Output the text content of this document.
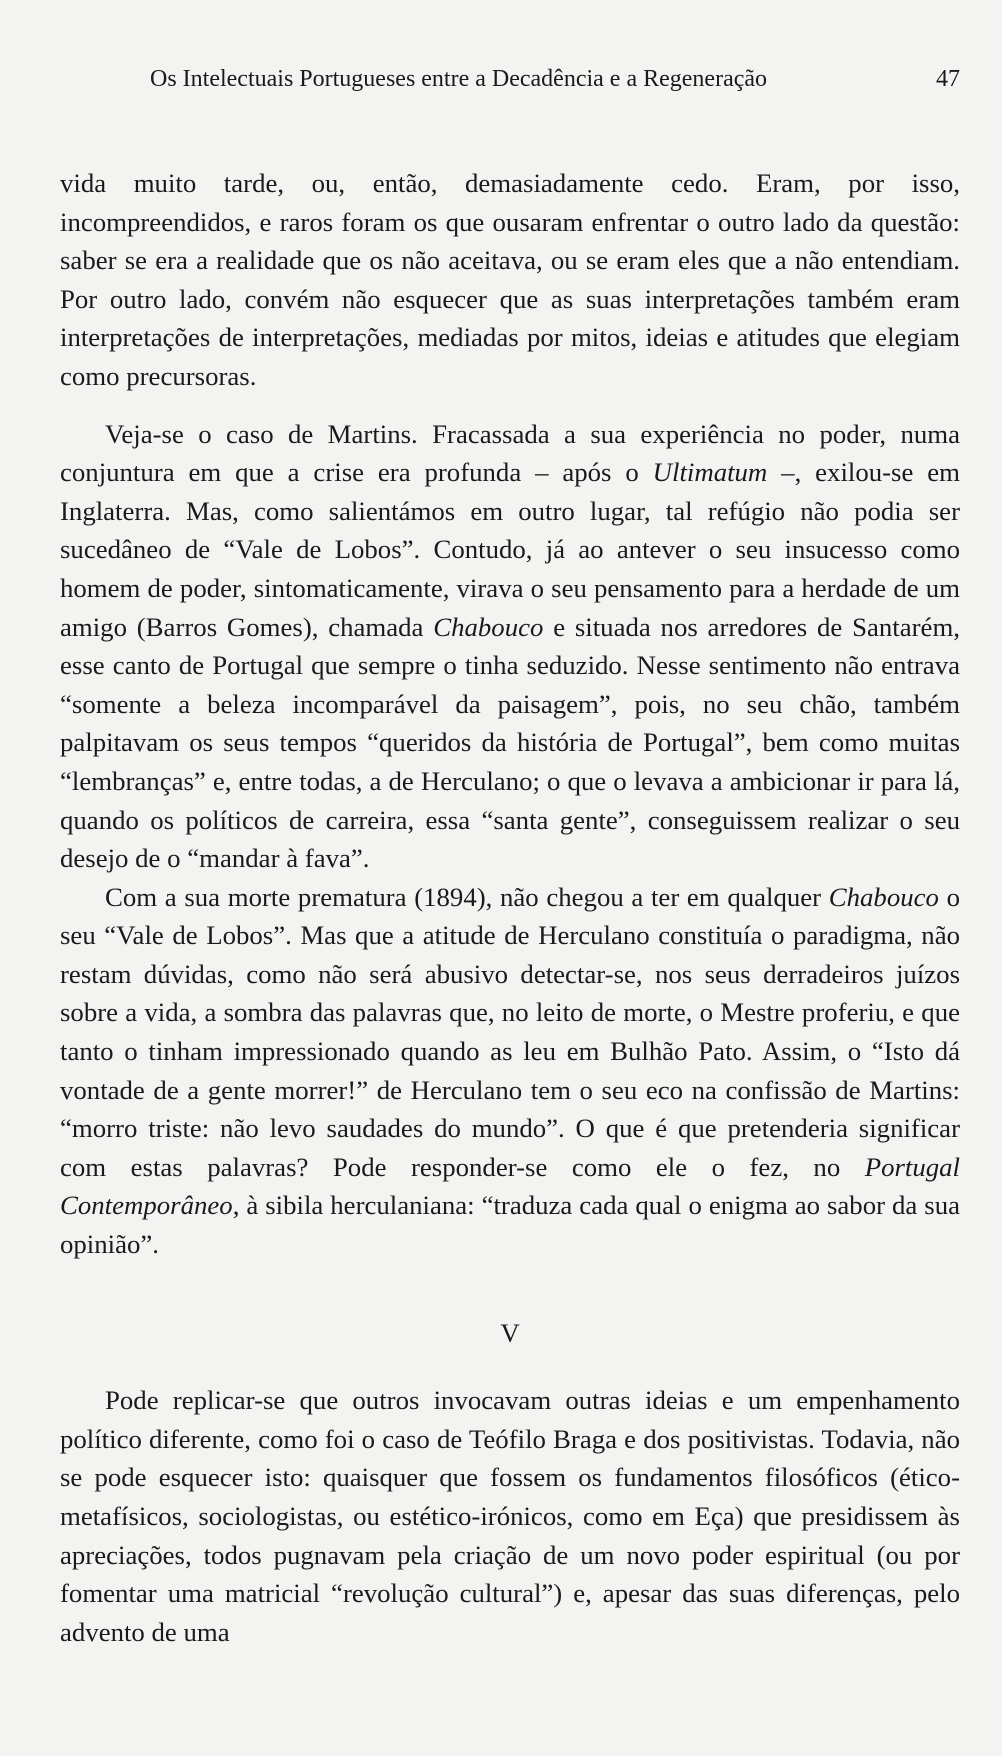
Os Intelectuais Portugueses entre a Decadência e a Regeneração	47

vida muito tarde, ou, então, demasiadamente cedo. Eram, por isso, incompreendidos, e raros foram os que ousaram enfrentar o outro lado da questão: saber se era a realidade que os não aceitava, ou se eram eles que a não entendiam. Por outro lado, convém não esquecer que as suas interpretações também eram interpretações de interpretações, mediadas por mitos, ideias e atitudes que elegiam como precursoras.

Veja-se o caso de Martins. Fracassada a sua experiência no poder, numa conjuntura em que a crise era profunda – após o Ultimatum –, exilou-se em Inglaterra. Mas, como salientámos em outro lugar, tal refúgio não podia ser sucedâneo de “Vale de Lobos”. Contudo, já ao antever o seu insucesso como homem de poder, sintomaticamente, virava o seu pensamento para a herdade de um amigo (Barros Gomes), chamada Chabouco e situada nos arredores de Santarém, esse canto de Portugal que sempre o tinha seduzido. Nesse sentimento não entrava “somente a beleza incomparável da paisagem”, pois, no seu chão, também palpitavam os seus tempos “queridos da história de Portugal”, bem como muitas “lembranças” e, entre todas, a de Herculano; o que o levava a ambicionar ir para lá, quando os políticos de carreira, essa “santa gente”, conseguissem realizar o seu desejo de o “mandar à fava”.

Com a sua morte prematura (1894), não chegou a ter em qualquer Chabouco o seu “Vale de Lobos”. Mas que a atitude de Herculano constituía o paradigma, não restam dúvidas, como não será abusivo detectar-se, nos seus derradeiros juízos sobre a vida, a sombra das palavras que, no leito de morte, o Mestre proferiu, e que tanto o tinham impressionado quando as leu em Bulhão Pato. Assim, o “Isto dá vontade de a gente morrer!” de Herculano tem o seu eco na confissão de Martins: “morro triste: não levo saudades do mundo”. O que é que pretenderia significar com estas palavras? Pode responder-se como ele o fez, no Portugal Contemporâneo, à sibila herculaniana: “traduza cada qual o enigma ao sabor da sua opinião”.

V

Pode replicar-se que outros invocavam outras ideias e um empenhamento político diferente, como foi o caso de Teófilo Braga e dos positivistas. Todavia, não se pode esquecer isto: quaisquer que fossem os fundamentos filosóficos (ético-metafísicos, sociologistas, ou estético-irónicos, como em Eça) que presidissem às apreciações, todos pugnavam pela criação de um novo poder espiritual (ou por fomentar uma matricial “revolução cultural”) e, apesar das suas diferenças, pelo advento de uma
